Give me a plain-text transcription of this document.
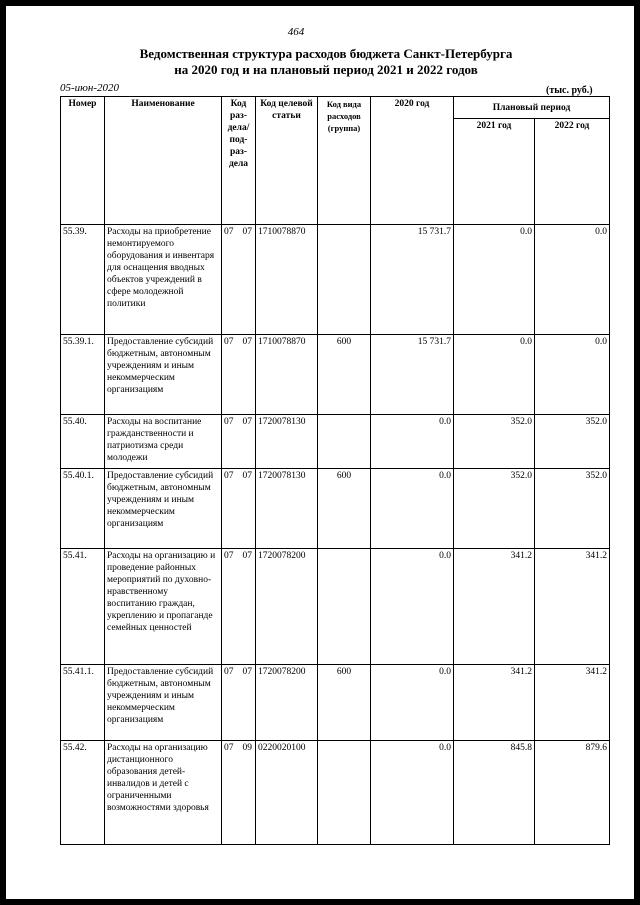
464
Ведомственная структура расходов бюджета Санкт-Петербурга
на 2020 год и на плановый период 2021 и 2022 годов
05-июн-2020	(тыс. руб.)
Номер	Наименование	Код раз-дела/ под-раз-дела	Код целевой статьи	Код вида расходов (группа)	2020 год	Плановый период	
						2021 год	2022 год
55.39.	Расходы на приобретение немонтируемого оборудования и инвентаря для оснащения вводных объектов учреждений в сфере молодежной политики	07 07	1710078870		15 731.7	0.0	0.0
55.39.1.	Предоставление субсидий бюджетным, автономным учреждениям и иным некоммерческим организациям	07 07	1710078870	600	15 731.7	0.0	0.0
55.40.	Расходы на воспитание гражданственности и патриотизма среди молодежи	07 07	1720078130		0.0	352.0	352.0
55.40.1.	Предоставление субсидий бюджетным, автономным учреждениям и иным некоммерческим организациям	07 07	1720078130	600	0.0	352.0	352.0
55.41.	Расходы на организацию и проведение районных мероприятий по духовно-нравственному воспитанию граждан, укреплению и пропаганде семейных ценностей	07 07	1720078200		0.0	341.2	341.2
55.41.1.	Предоставление субсидий бюджетным, автономным учреждениям и иным некоммерческим организациям	07 07	1720078200	600	0.0	341.2	341.2
55.42.	Расходы на организацию дистанционного образования детей-инвалидов и детей с ограниченными возможностями здоровья	07 09	0220020100		0.0	845.8	879.6
